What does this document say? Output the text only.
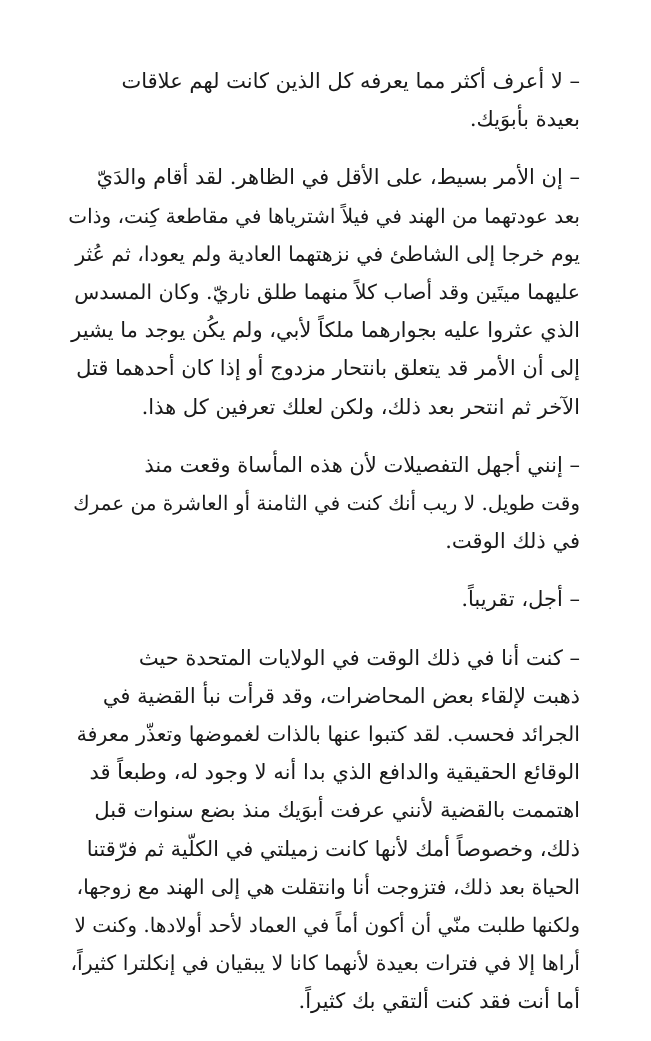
– لا أعرف أكثر مما يعرفه كل الذين كانت لهم علاقات
بعيدة بأبوَيك.

– إن الأمر بسيط، على الأقل في الظاهر. لقد أقام والدَيّ
بعد عودتهما من الهند في فيلاً اشترياها في مقاطعة كِنت، وذات
يوم خرجا إلى الشاطئ في نزهتهما العادية ولم يعودا، ثم عُثر
عليهما ميتَين وقد أصاب كلاً منهما طلق ناريّ. وكان المسدس
الذي عثروا عليه بجوارهما ملكاً لأبي، ولم يكُن يوجد ما يشير
إلى أن الأمر قد يتعلق بانتحار مزدوج أو إذا كان أحدهما قتل
الآخر ثم انتحر بعد ذلك، ولكن لعلك تعرفين كل هذا.

– إنني أجهل التفصيلات لأن هذه المأساة وقعت منذ
وقت طويل. لا ريب أنك كنت في الثامنة أو العاشرة من عمرك
في ذلك الوقت.

– أجل، تقريباً.

– كنت أنا في ذلك الوقت في الولايات المتحدة حيث
ذهبت لإلقاء بعض المحاضرات، وقد قرأت نبأ القضية في
الجرائد فحسب. لقد كتبوا عنها بالذات لغموضها وتعذّر معرفة
الوقائع الحقيقية والدافع الذي بدا أنه لا وجود له، وطبعاً قد
اهتممت بالقضية لأنني عرفت أبوَيك منذ بضع سنوات قبل
ذلك، وخصوصاً أمك لأنها كانت زميلتي في الكلّية ثم فرّقتنا
الحياة بعد ذلك، فتزوجت أنا وانتقلت هي إلى الهند مع زوجها،
ولكنها طلبت منّي أن أكون أماً في العماد لأحد أولادها. وكنت لا
أراها إلا في فترات بعيدة لأنهما كانا لا يبقيان في إنكلترا كثيراً،
أما أنت فقد كنت ألتقي بك كثيراً.
